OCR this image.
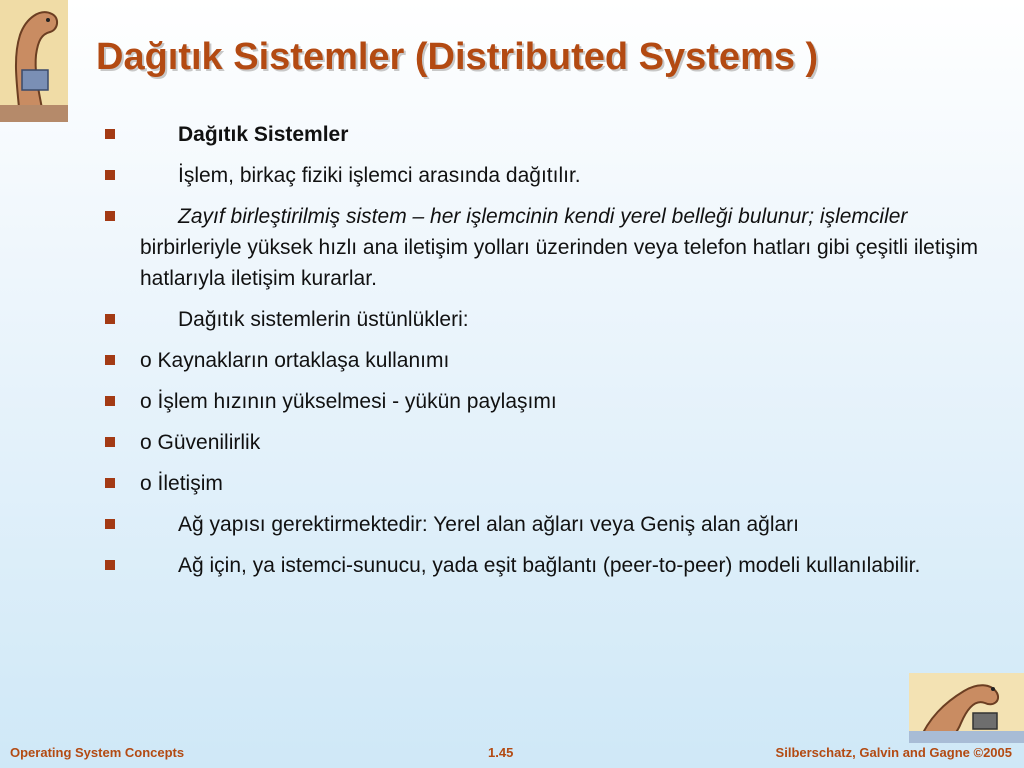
Dağıtık Sistemler (Distributed Systems )
Dağıtık Sistemler
İşlem, birkaç fiziki işlemci arasında dağıtılır.
Zayıf birleştirilmiş sistem – her işlemcinin kendi yerel belleği bulunur; işlemciler birbirleriyle yüksek hızlı ana iletişim yolları üzerinden veya telefon hatları gibi çeşitli iletişim hatlarıyla iletişim kurarlar.
Dağıtık sistemlerin üstünlükleri:
o Kaynakların ortaklaşa kullanımı
o İşlem hızının yükselmesi - yükün paylaşımı
o Güvenilirlik
o İletişim
Ağ yapısı gerektirmektedir: Yerel alan ağları veya Geniş alan ağları
Ağ için, ya istemci-sunucu, yada eşit bağlantı (peer-to-peer) modeli kullanılabilir.
Operating System Concepts	1.45	Silberschatz, Galvin and Gagne ©2005
